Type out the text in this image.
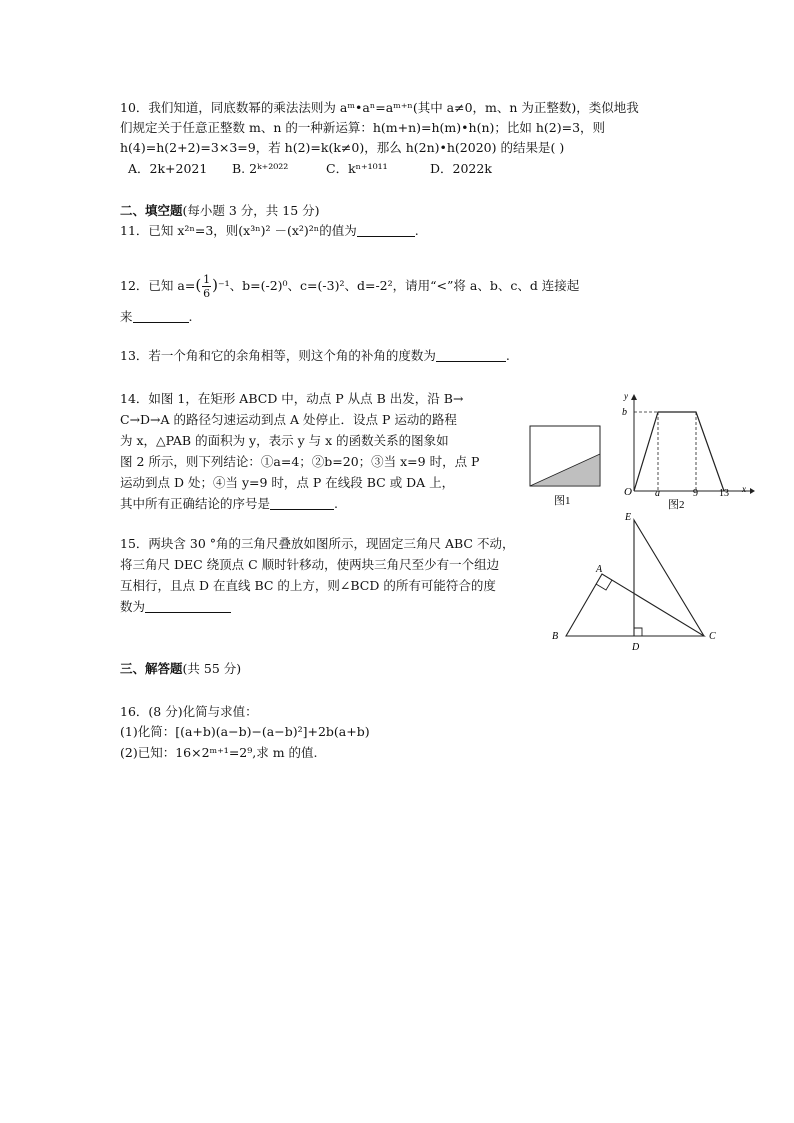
10．我们知道，同底数幂的乘法法则为 aᵐ•aⁿ=aᵐ⁺ⁿ(其中 a≠0，m、n 为正整数)，类似地我
们规定关于任意正整数 m、n 的一种新运算：h(m+n)=h(m)•h(n)；比如 h(2)=3，则
h(4)=h(2+2)=3×3=9，若 h(2)=k(k≠0)，那么 h(2n)•h(2020) 的结果是( )
A．2k+2021 B. 2ᵏ⁺²⁰²²	C．kⁿ⁺¹⁰¹¹	D．2022k
二、填空题(每小题 3 分，共 15 分)
11．已知 x²ⁿ=3，则(x³ⁿ)² －(x²)²ⁿ的值为	.
12．已知 $a=( \frac{1}{6} )^{-1}$、b=(-2)⁰、c=(-3)²、d=-2²，请用“<”将 a、b、c、d 连接起
来	.
13．若一个角和它的余角相等，则这个角的补角的度数为	.
14．如图 1，在矩形 ABCD 中，动点 P 从点 B 出发，沿 B→
C→D→A 的路径匀速运动到点 A 处停止．设点 P 运动的路程
为 x，△PAB 的面积为 y，表示 y 与 x 的函数关系的图象如
图 2 所示，则下列结论：①a=4；②b=20；③当 x=9 时，点 P
运动到点 D 处；④当 y=9 时，点 P 在线段 BC 或 DA 上，
其中所有正确结论的序号是	.	图1
y
b
O a	9 13 x
图2
15．两块含 30 °角的三角尺叠放如图所示，现固定三角尺 ABC 不动，
将三角尺 DEC 绕顶点 C 顺时针移动，使两块三角尺至少有一个组边
互相行，且点 D 在直线 BC 的上方，则∠BCD 的所有可能符合的度
数为
E
A
B
D
C
三、解答题(共 55 分)
16．(8 分)化简与求值：
(1)化简：[(a+b)(a−b)−(a−b)²]+2b(a+b)
(2)已知：16×2ᵐ⁺¹=2⁹,求 m 的值.
